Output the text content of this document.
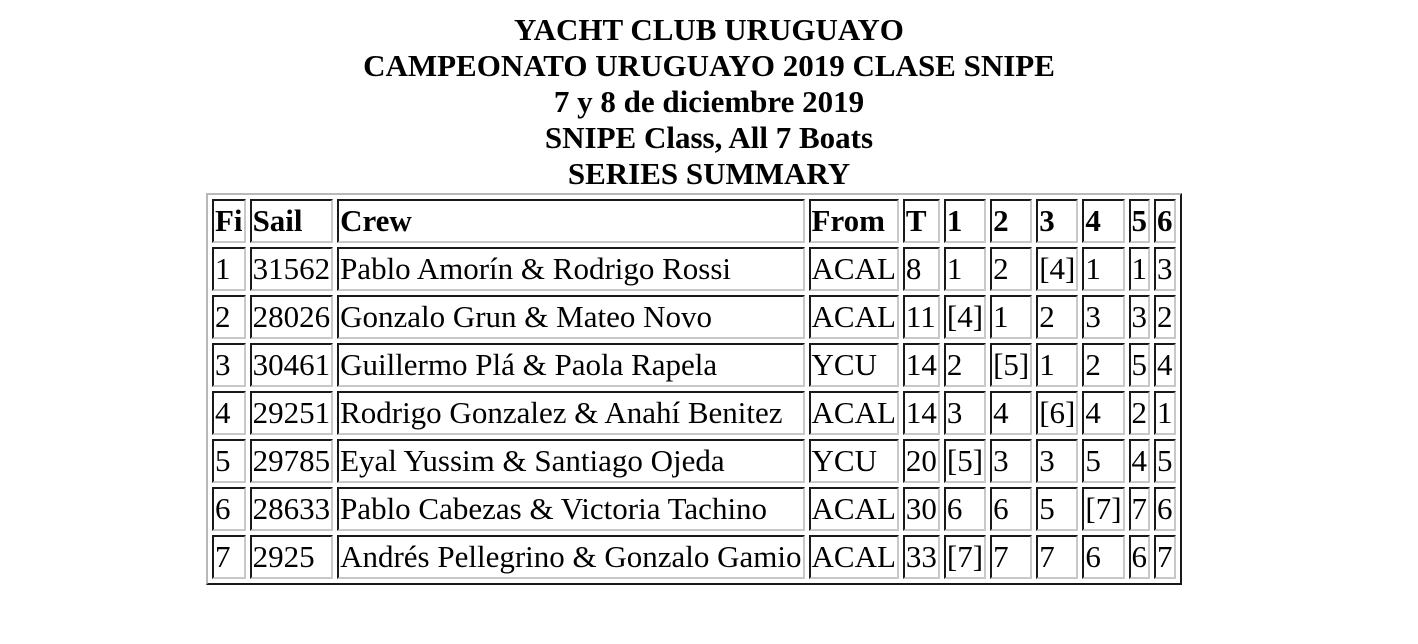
YACHT CLUB URUGUAYO
CAMPEONATO URUGUAYO 2019 CLASE SNIPE
7 y 8 de diciembre 2019
SNIPE Class, All 7 Boats
SERIES SUMMARY
Fi	Sail	Crew	From	T	1	2	3	4	5	6
1	31562	Pablo Amorín & Rodrigo Rossi	ACAL	8	1	2	[4]	1	1	3
2	28026	Gonzalo Grun & Mateo Novo	ACAL	11	[4]	1	2	3	3	2
3	30461	Guillermo Plá & Paola Rapela	YCU	14	2	[5]	1	2	5	4
4	29251	Rodrigo Gonzalez & Anahí Benitez	ACAL	14	3	4	[6]	4	2	1
5	29785	Eyal Yussim & Santiago Ojeda	YCU	20	[5]	3	3	5	4	5
6	28633	Pablo Cabezas & Victoria Tachino	ACAL	30	6	6	5	[7]	7	6
7	2925	Andrés Pellegrino & Gonzalo Gamio	ACAL	33	[7]	7	7	6	6	7
